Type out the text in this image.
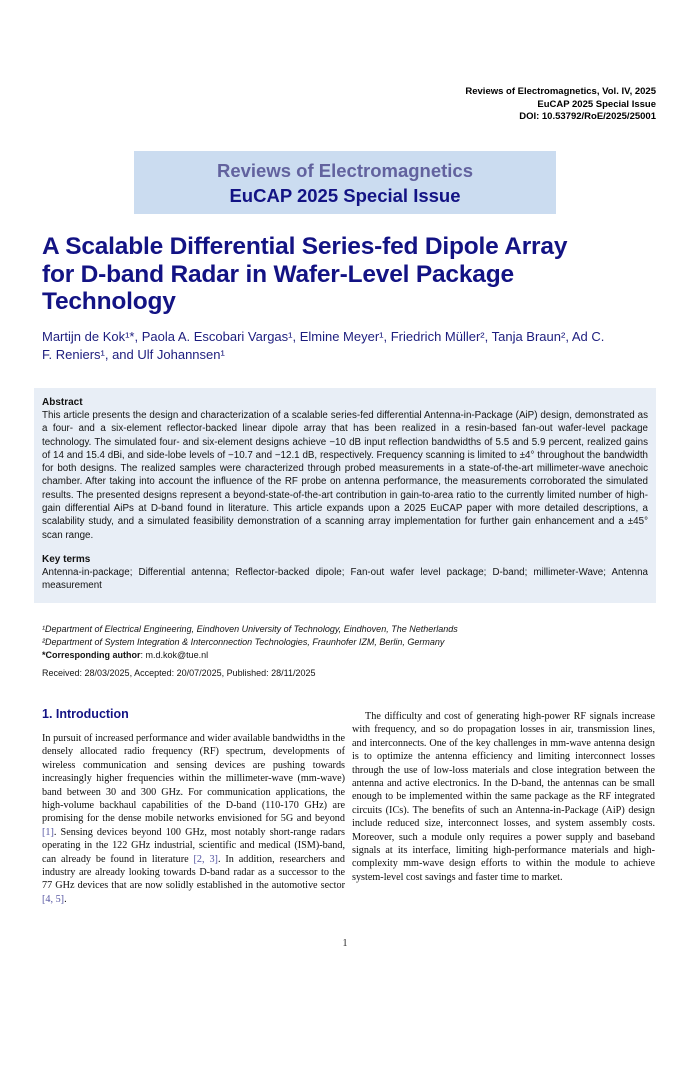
Reviews of Electromagnetics, Vol. IV, 2025
EuCAP 2025 Special Issue
DOI: 10.53792/RoE/2025/25001
Reviews of Electromagnetics
EuCAP 2025 Special Issue
A Scalable Differential Series-fed Dipole Array for D-band Radar in Wafer-Level Package Technology
Martijn de Kok¹*, Paola A. Escobari Vargas¹, Elmine Meyer¹, Friedrich Müller², Tanja Braun², Ad C. F. Reniers¹, and Ulf Johannsen¹
Abstract
This article presents the design and characterization of a scalable series-fed differential Antenna-in-Package (AiP) design, demonstrated as a four- and a six-element reflector-backed linear dipole array that has been realized in a resin-based fan-out wafer-level package technology. The simulated four- and six-element designs achieve −10 dB input reflection bandwidths of 5.5 and 5.9 percent, realized gains of 14 and 15.4 dBi, and side-lobe levels of −10.7 and −12.1 dB, respectively. Frequency scanning is limited to ±4° throughout the bandwidth for both designs. The realized samples were characterized through probed measurements in a state-of-the-art millimeter-wave anechoic chamber. After taking into account the influence of the RF probe on antenna performance, the measurements corroborated the simulated results. The presented designs represent a beyond-state-of-the-art contribution in gain-to-area ratio to the currently limited number of high-gain differential AiPs at D-band found in literature. This article expands upon a 2025 EuCAP paper with more detailed descriptions, a scalability study, and a simulated feasibility demonstration of a scanning array implementation for further gain enhancement and a ±45° scan range.
Key terms
Antenna-in-package; Differential antenna; Reflector-backed dipole; Fan-out wafer level package; D-band; millimeter-Wave; Antenna measurement
¹Department of Electrical Engineering, Eindhoven University of Technology, Eindhoven, The Netherlands
²Department of System Integration & Interconnection Technologies, Fraunhofer IZM, Berlin, Germany
*Corresponding author: m.d.kok@tue.nl
Received: 28/03/2025, Accepted: 20/07/2025, Published: 28/11/2025
1. Introduction

In pursuit of increased performance and wider available bandwidths in the densely allocated radio frequency (RF) spectrum, developments of wireless communication and sensing devices are pushing towards increasingly higher frequencies within the millimeter-wave (mm-wave) band between 30 and 300 GHz. For communication applications, the high-volume backhaul capabilities of the D-band (110-170 GHz) are promising for the dense mobile networks envisioned for 5G and beyond [1]. Sensing devices beyond 100 GHz, most notably short-range radars operating in the 122 GHz industrial, scientific and medical (ISM)-band, can already be found in literature [2, 3]. In addition, researchers and industry are already looking towards D-band radar as a successor to the 77 GHz devices that are now solidly established in the automotive sector [4, 5].

The difficulty and cost of generating high-power RF signals increase with frequency, and so do propagation losses in air, transmission lines, and interconnects. One of the key challenges in mm-wave antenna design is to optimize the antenna efficiency and limiting interconnect losses through the use of low-loss materials and close integration between the antenna and active electronics. In the D-band, the antennas can be small enough to be implemented within the same package as the RF integrated circuits (ICs). The benefits of such an Antenna-in-Package (AiP) design include reduced size, interconnect losses, and system assembly costs. Moreover, such a module only requires a power supply and baseband signals at its interface, limiting high-performance materials and high-complexity mm-wave design efforts to within the module to achieve system-level cost savings and faster time to market.

1
